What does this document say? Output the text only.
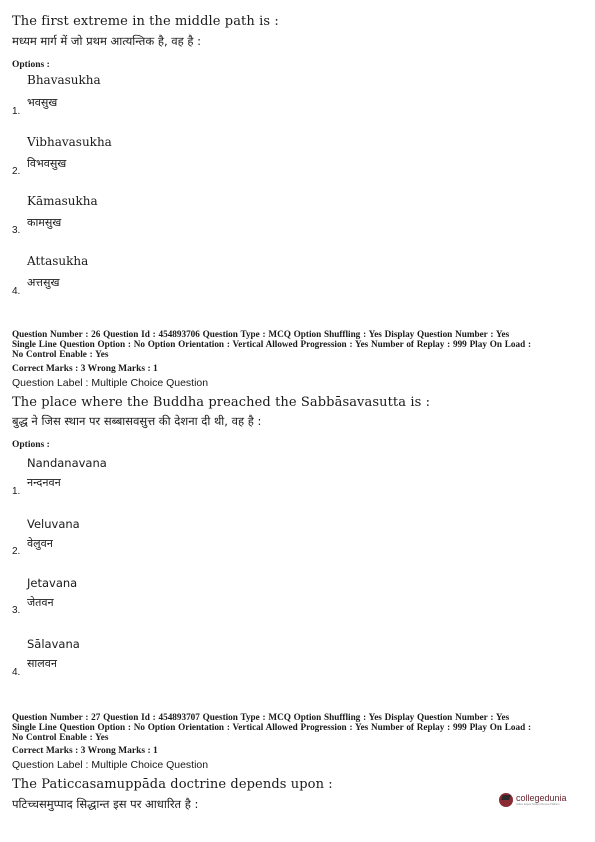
The first extreme in the middle path is :
मध्यम मार्ग में जो प्रथम आत्यन्तिक है, वह है :
Options :
Bhavasukha
भवसुख
1.
Vibhavasukha
विभवसुख
2.
Kāmasukha
कामसुख
3.
Attasukha
अत्तसुख
4.
Question Number : 26 Question Id : 454893706 Question Type : MCQ Option Shuffling : Yes Display Question Number : Yes
Single Line Question Option : No Option Orientation : Vertical Allowed Progression : Yes Number of Replay : 999 Play On Load :
No Control Enable : Yes
Correct Marks : 3 Wrong Marks : 1
Question Label : Multiple Choice Question
The place where the Buddha preached the Sabbāsavasutta is :
बुद्ध ने जिस स्थान पर सब्बासवसुत्त की देशना दी थी, वह है :
Options :
Nandanavana
नन्दनवन
1.
Veluvana
वेलुवन
2.
Jetavana
जेतवन
3.
Sālavana
सालवन
4.
Question Number : 27 Question Id : 454893707 Question Type : MCQ Option Shuffling : Yes Display Question Number : Yes
Single Line Question Option : No Option Orientation : Vertical Allowed Progression : Yes Number of Replay : 999 Play On Load :
No Control Enable : Yes
Correct Marks : 3 Wrong Marks : 1
Question Label : Multiple Choice Question
The Paticcasamuppāda doctrine depends upon :
पटिच्चसमुप्पाद सिद्धान्त इस पर आधारित है :	collegedunia
India's largest Student Review Platform
